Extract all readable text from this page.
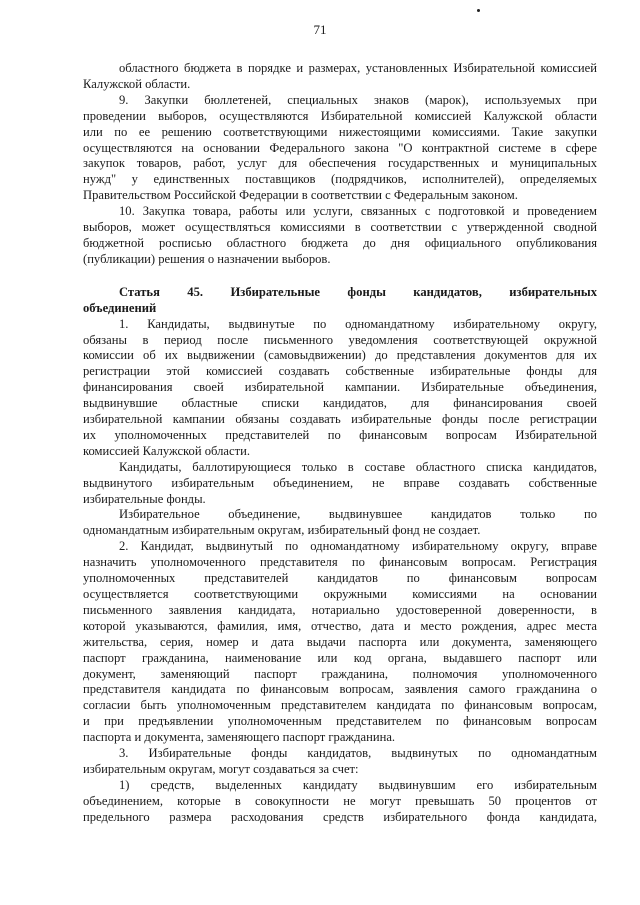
71
областного бюджета в порядке и размерах, установленных Избирательной комиссией
Калужской области.
9. Закупки бюллетеней, специальных знаков (марок), используемых при
проведении выборов, осуществляются Избирательной комиссией Калужской области
или по ее решению соответствующими нижестоящими комиссиями. Такие закупки
осуществляются на основании Федерального закона "О контрактной системе в сфере
закупок товаров, работ, услуг для обеспечения государственных и муниципальных
нужд" у единственных поставщиков (подрядчиков, исполнителей), определяемых
Правительством Российской Федерации в соответствии с Федеральным законом.
10. Закупка товара, работы или услуги, связанных с подготовкой и проведением
выборов, может осуществляться комиссиями в соответствии с утвержденной сводной
бюджетной росписью областного бюджета до дня официального опубликования
(публикации) решения о назначении выборов.
Статья 45. Избирательные фонды кандидатов, избирательных
объединений
1. Кандидаты, выдвинутые по одномандатному избирательному округу,
обязаны в период после письменного уведомления соответствующей окружной
комиссии об их выдвижении (самовыдвижении) до представления документов для их
регистрации этой комиссией создавать собственные избирательные фонды для
финансирования своей избирательной кампании. Избирательные объединения,
выдвинувшие областные списки кандидатов, для финансирования своей
избирательной кампании обязаны создавать избирательные фонды после регистрации
их уполномоченных представителей по финансовым вопросам Избирательной
комиссией Калужской области.
Кандидаты, баллотирующиеся только в составе областного списка кандидатов,
выдвинутого избирательным объединением, не вправе создавать собственные
избирательные фонды.
Избирательное объединение, выдвинувшее кандидатов только по
одномандатным избирательным округам, избирательный фонд не создает.
2. Кандидат, выдвинутый по одномандатному избирательному округу, вправе
назначить уполномоченного представителя по финансовым вопросам. Регистрация
уполномоченных представителей кандидатов по финансовым вопросам
осуществляется соответствующими окружными комиссиями на основании
письменного заявления кандидата, нотариально удостоверенной доверенности, в
которой указываются, фамилия, имя, отчество, дата и место рождения, адрес места
жительства, серия, номер и дата выдачи паспорта или документа, заменяющего
паспорт гражданина, наименование или код органа, выдавшего паспорт или
документ, заменяющий паспорт гражданина, полномочия уполномоченного
представителя кандидата по финансовым вопросам, заявления самого гражданина о
согласии быть уполномоченным представителем кандидата по финансовым вопросам,
и при предъявлении уполномоченным представителем по финансовым вопросам
паспорта и документа, заменяющего паспорт гражданина.
3. Избирательные фонды кандидатов, выдвинутых по одномандатным
избирательным округам, могут создаваться за счет:
1) средств, выделенных кандидату выдвинувшим его избирательным
объединением, которые в совокупности не могут превышать 50 процентов от
предельного размера расходования средств избирательного фонда кандидата,
